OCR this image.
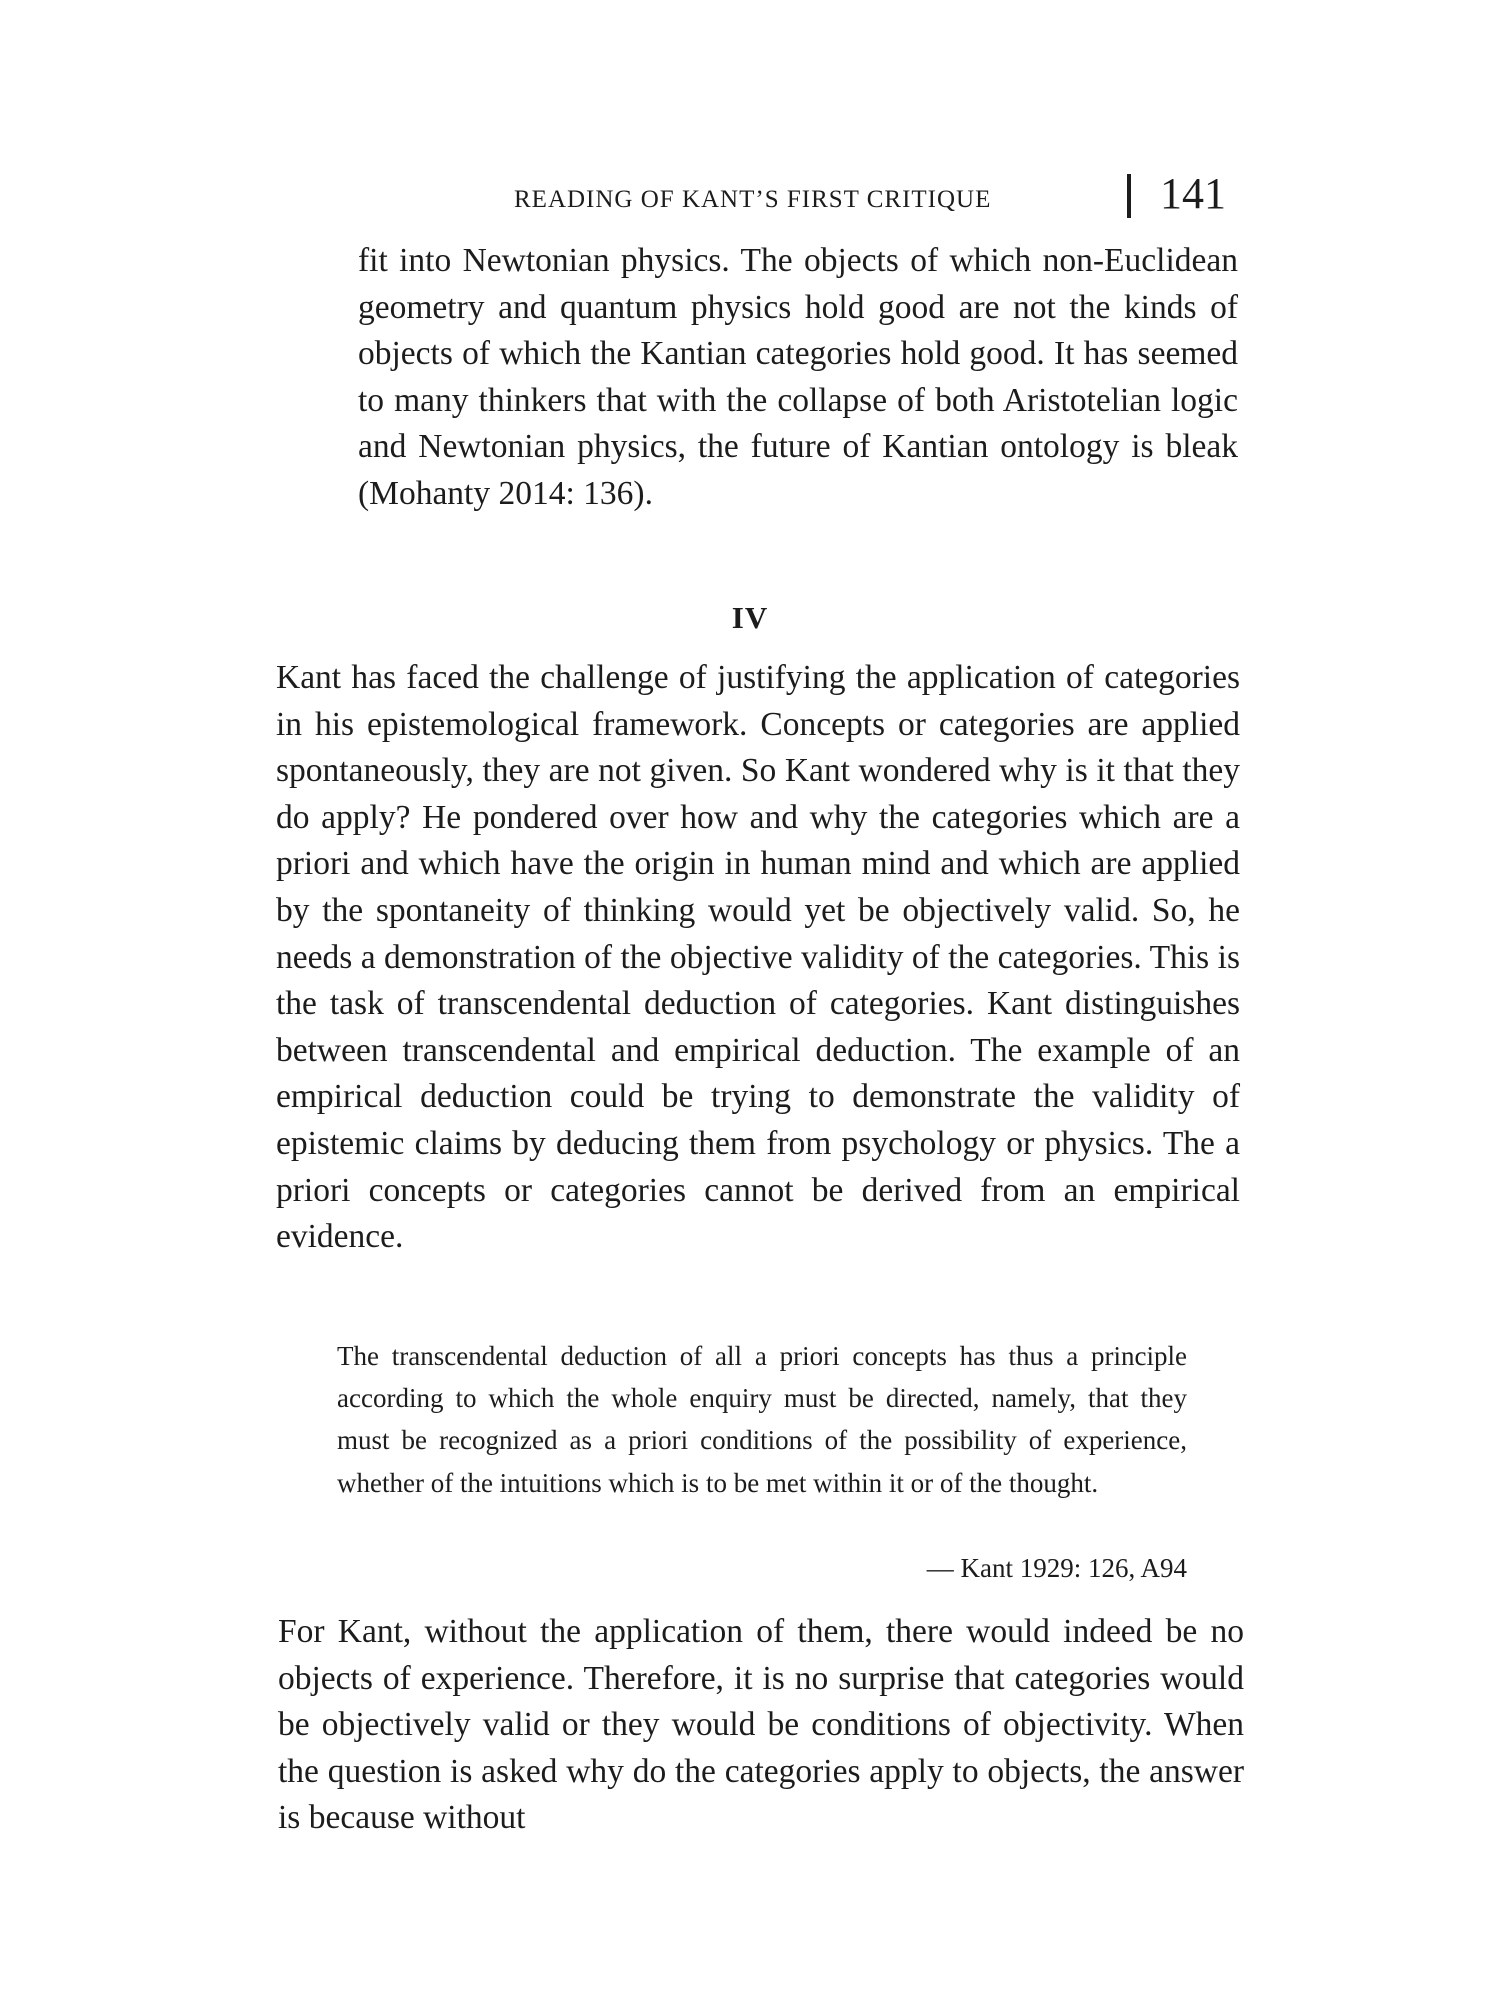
READING OF KANT’S FIRST CRITIQUE	141

fit into Newtonian physics. The objects of which non-Euclidean geometry and quantum physics hold good are not the kinds of objects of which the Kantian categories hold good. It has seemed to many thinkers that with the collapse of both Aristotelian logic and Newtonian physics, the future of Kantian ontology is bleak (Mohanty 2014: 136).

IV

Kant has faced the challenge of justifying the application of categories in his epistemological framework. Concepts or categories are applied spontaneously, they are not given. So Kant wondered why is it that they do apply? He pondered over how and why the categories which are a priori and which have the origin in human mind and which are applied by the spontaneity of thinking would yet be objectively valid. So, he needs a demonstration of the objective validity of the categories. This is the task of transcendental deduction of categories. Kant distinguishes between transcendental and empirical deduction. The example of an empirical deduction could be trying to demonstrate the validity of epistemic claims by deducing them from psychology or physics. The a priori concepts or categories cannot be derived from an empirical evidence.

The transcendental deduction of all a priori concepts has thus a principle according to which the whole enquiry must be directed, namely, that they must be recognized as a priori conditions of the possibility of experience, whether of the intuitions which is to be met within it or of the thought.

— Kant 1929: 126, A94

For Kant, without the application of them, there would indeed be no objects of experience. Therefore, it is no surprise that categories would be objectively valid or they would be conditions of objectivity. When the question is asked why do the categories apply to objects, the answer is because without
